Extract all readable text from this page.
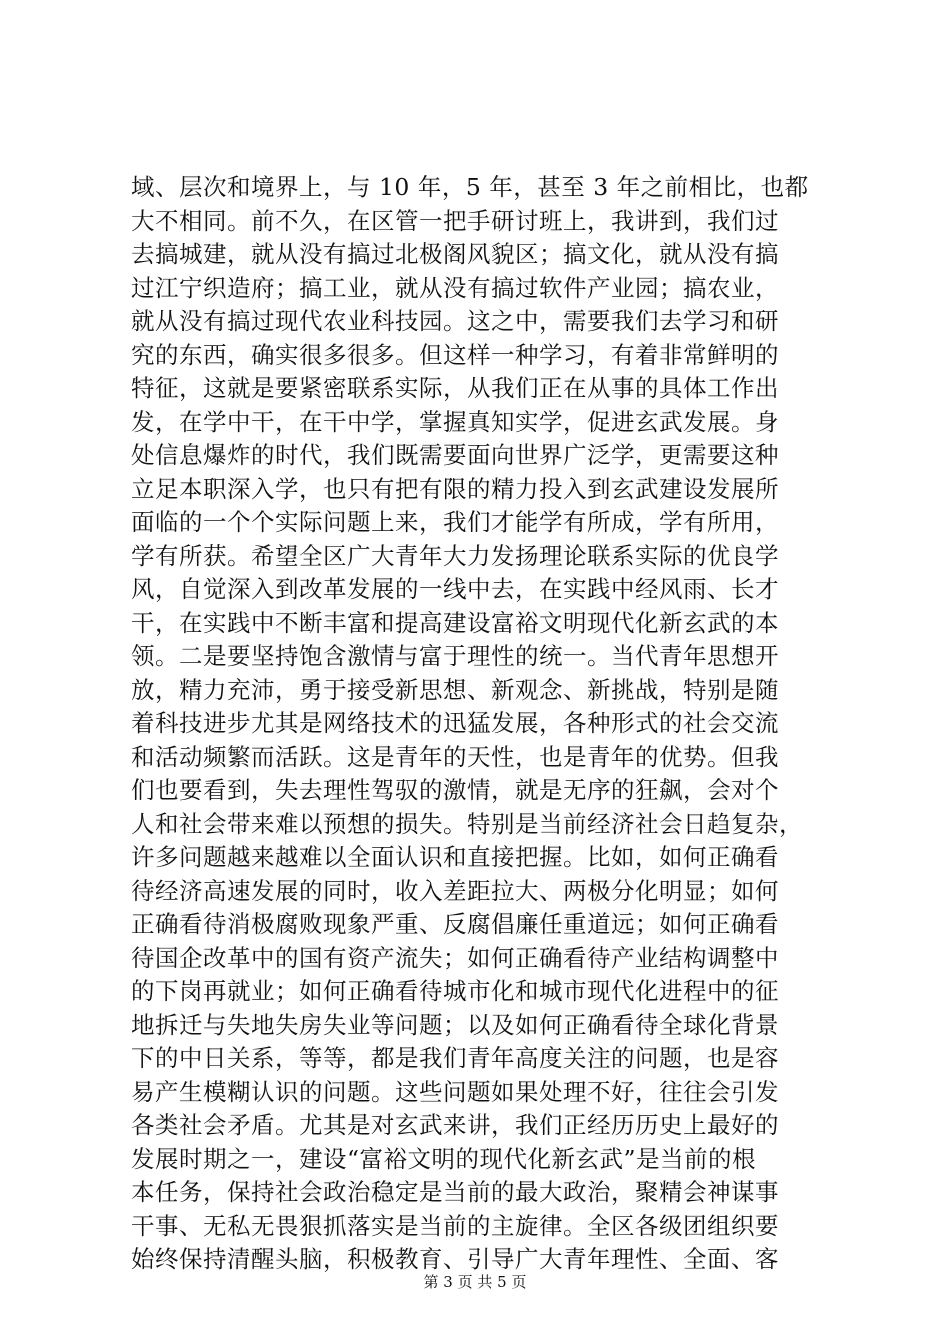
域、层次和境界上，与 10 年，5 年，甚至 3 年之前相比，也都
大不相同。前不久，在区管一把手研讨班上，我讲到，我们过
去搞城建，就从没有搞过北极阁风貌区；搞文化，就从没有搞
过江宁织造府；搞工业，就从没有搞过软件产业园；搞农业，
就从没有搞过现代农业科技园。这之中，需要我们去学习和研
究的东西，确实很多很多。但这样一种学习，有着非常鲜明的
特征，这就是要紧密联系实际，从我们正在从事的具体工作出
发，在学中干，在干中学，掌握真知实学，促进玄武发展。身
处信息爆炸的时代，我们既需要面向世界广泛学，更需要这种
立足本职深入学，也只有把有限的精力投入到玄武建设发展所
面临的一个个实际问题上来，我们才能学有所成，学有所用，
学有所获。希望全区广大青年大力发扬理论联系实际的优良学
风，自觉深入到改革发展的一线中去，在实践中经风雨、长才
干，在实践中不断丰富和提高建设富裕文明现代化新玄武的本
领。二是要坚持饱含激情与富于理性的统一。当代青年思想开
放，精力充沛，勇于接受新思想、新观念、新挑战，特别是随
着科技进步尤其是网络技术的迅猛发展，各种形式的社会交流
和活动频繁而活跃。这是青年的天性，也是青年的优势。但我
们也要看到，失去理性驾驭的激情，就是无序的狂飙，会对个
人和社会带来难以预想的损失。特别是当前经济社会日趋复杂，
许多问题越来越难以全面认识和直接把握。比如，如何正确看
待经济高速发展的同时，收入差距拉大、两极分化明显；如何
正确看待消极腐败现象严重、反腐倡廉任重道远；如何正确看
待国企改革中的国有资产流失；如何正确看待产业结构调整中
的下岗再就业；如何正确看待城市化和城市现代化进程中的征
地拆迁与失地失房失业等问题；以及如何正确看待全球化背景
下的中日关系，等等，都是我们青年高度关注的问题，也是容
易产生模糊认识的问题。这些问题如果处理不好，往往会引发
各类社会矛盾。尤其是对玄武来讲，我们正经历历史上最好的
发展时期之一，建设“富裕文明的现代化新玄武”是当前的根
本任务，保持社会政治稳定是当前的最大政治，聚精会神谋事
干事、无私无畏狠抓落实是当前的主旋律。全区各级团组织要
始终保持清醒头脑，积极教育、引导广大青年理性、全面、客
第 3 页 共 5 页
